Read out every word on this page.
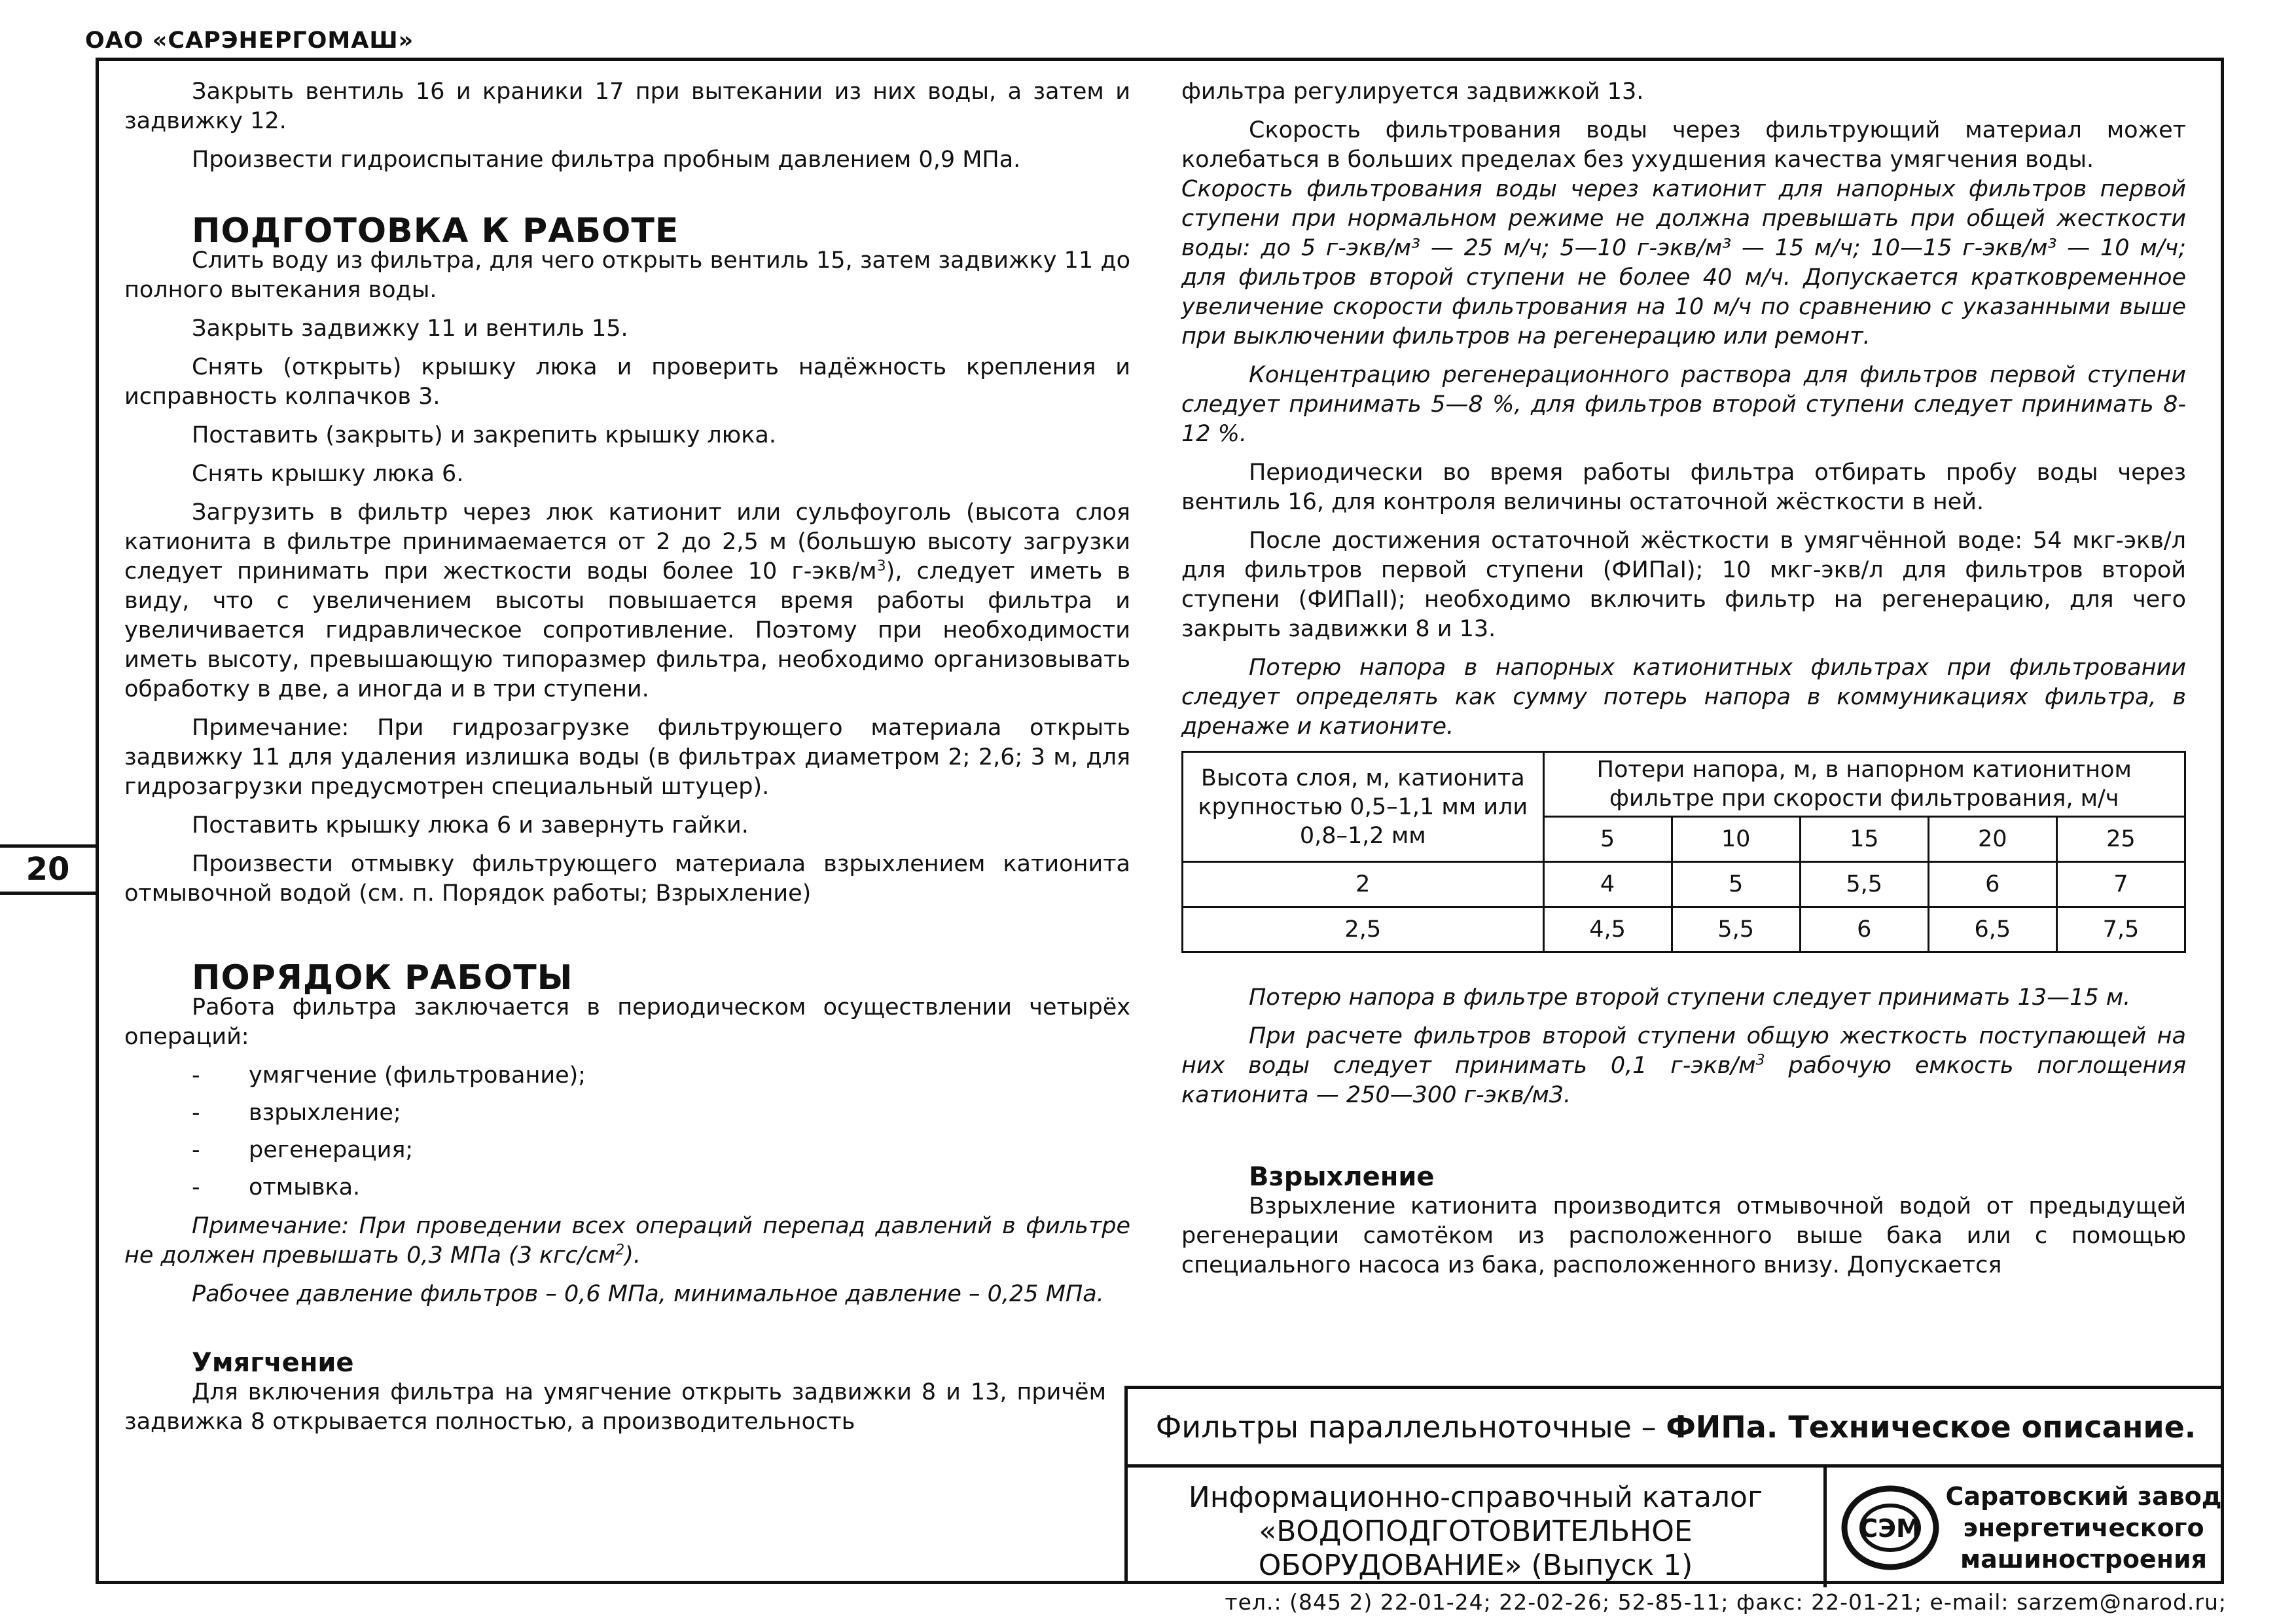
ОАО «САРЭНЕРГОМАШ»
20

Закрыть вентиль 16 и краники 17 при вытекании из них воды, а затем и задвижку 12.

Произвести гидроиспытание фильтра пробным давлением 0,9 МПа.

ПОДГОТОВКА К РАБОТЕ

Слить воду из фильтра, для чего открыть вентиль 15, затем задвижку 11 до полного вытекания воды.

Закрыть задвижку 11 и вентиль 15.

Снять (открыть) крышку люка и проверить надёжность крепления и исправность колпачков 3.

Поставить (закрыть) и закрепить крышку люка.

Снять крышку люка 6.

Загрузить в фильтр через люк катионит или сульфоуголь (высота слоя катионита в фильтре принимаемается от 2 до 2,5 м (большую высоту загрузки следует принимать при жесткости воды более 10 $г-экв/м^3$), следует иметь в виду, что с увеличением высоты повышается время работы фильтра и увеличивается гидравлическое сопротивление. Поэтому при необходимости иметь высоту, превышающую типоразмер фильтра, необходимо организовывать обработку в две, а иногда и в три ступени.

Примечание: При гидрозагрузке фильтрующего материала открыть задвижку 11 для удаления излишка воды (в фильтрах диаметром 2; 2,6; 3 м, для гидрозагрузки предусмотрен специальный штуцер).

Поставить крышку люка 6 и завернуть гайки.

Произвести отмывку фильтрующего материала взрыхлением катионита отмывочной водой (см. п. Порядок работы; Взрыхление)

ПОРЯДОК РАБОТЫ

Работа фильтра заключается в периодическом осуществлении четырёх операций:

- умягчение (фильтрование);
- взрыхление;
- регенерация;
- отмывка.

Примечание: При проведении всех операций перепад давлений в фильтре не должен превышать 0,3 МПа (3 кгс/$см^2$).

Рабочее давление фильтров – 0,6 МПа, минимальное давление – 0,25 МПа.

Умягчение

Для включения фильтра на умягчение открыть задвижки 8 и 13, причём задвижка 8 открывается полностью, а производительность

фильтра регулируется задвижкой 13.

Скорость фильтрования воды через фильтрующий материал может колебаться в больших пределах без ухудшения качества умягчения воды.

Скорость фильтрования воды через катионит для напорных фильтров первой ступени при нормальном режиме не должна превышать при общей жесткости воды: до 5 г-экв/м³ — 25 м/ч; 5—10 г-экв/м³ — 15 м/ч; 10—15 г-экв/м³ — 10 м/ч; для фильтров второй ступени не более 40 м/ч. Допускается кратковременное увеличение скорости фильтрования на 10 м/ч по сравнению с указанными выше при выключении фильтров на регенерацию или ремонт.

Концентрацию регенерационного раствора для фильтров первой ступени следует принимать 5—8 %, для фильтров второй ступени следует принимать 8-12 %.

Периодически во время работы фильтра отбирать пробу воды через вентиль 16, для контроля величины остаточной жёсткости в ней.

После достижения остаточной жёсткости в умягчённой воде: 54 мкг-экв/л для фильтров первой ступени (ФИПаI); 10 мкг-экв/л для фильтров второй ступени (ФИПаII); необходимо включить фильтр на регенерацию, для чего закрыть задвижки 8 и 13.

Потерю напора в напорных катионитных фильтрах при фильтровании следует определять как сумму потерь напора в коммуникациях фильтра, в дренаже и катионите.

Высота слоя, м, катионита крупностью 0,5–1,1 мм или 0,8–1,2 мм	Потери напора, м, в напорном катионитном фильтре при скорости фильтрования, м/ч				
	5	10	15	20	25
2	4	5	5,5	6	7
2,5	4,5	5,5	6	6,5	7,5

Потерю напора в фильтре второй ступени следует принимать 13—15 м.

При расчете фильтров второй ступени общую жесткость поступающей на них воды следует принимать 0,1 $г-экв/м^3$ рабочую емкость поглощения катионита — 250—300 г-экв/м3.

Взрыхление

Взрыхление катионита производится отмывочной водой от предыдущей регенерации самотёком из расположенного выше бака или с помощью специального насоса из бака, расположенного внизу. Допускается

Фильтры параллельноточные – ФИПа. Техническое описание.
Информационно-справочный каталог
«ВОДОПОДГОТОВИТЕЛЬНОЕ
ОБОРУДОВАНИЕ» (Выпуск 1)
СЭМ
Саратовский завод
энергетического
машиностроения
тел.: (845 2) 22-01-24; 22-02-26; 52-85-11; факс: 22-01-21; e-mail: sarzem@narod.ru;
